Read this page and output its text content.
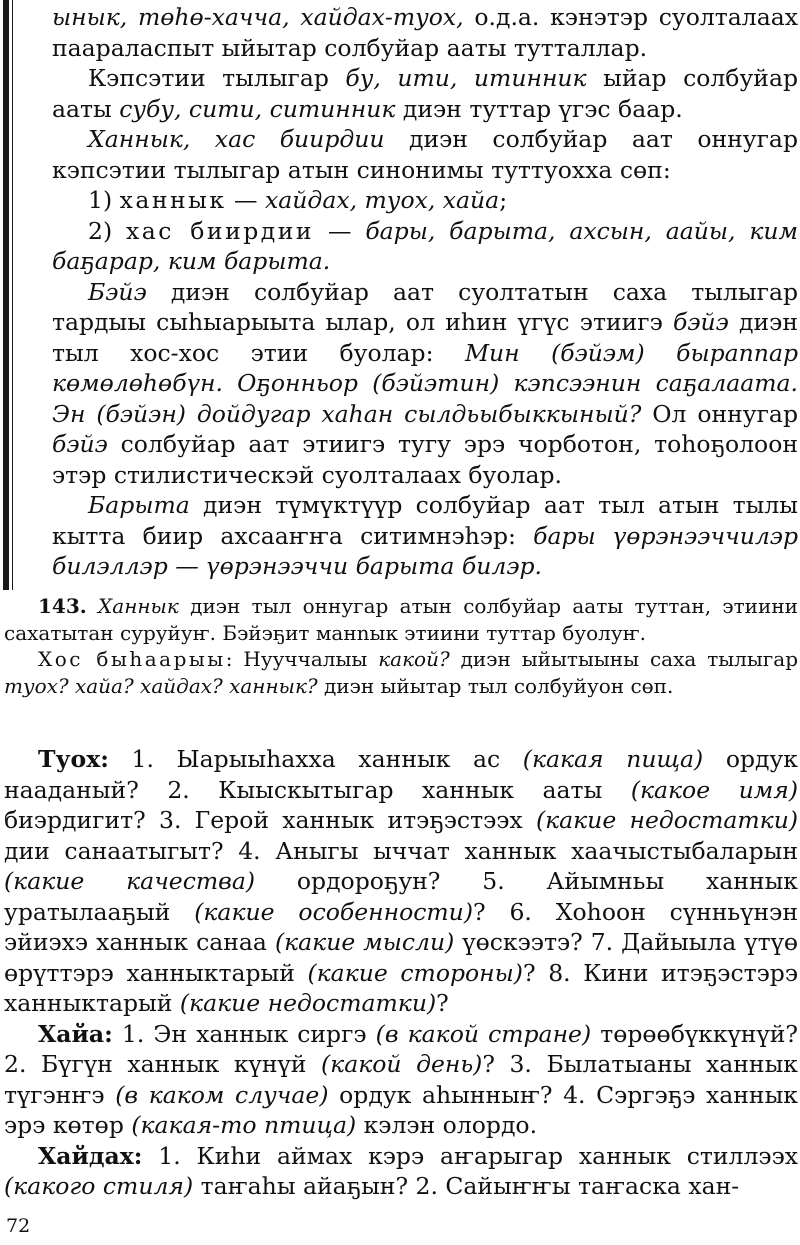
ынык, төһө-хачча, хайдах-туох, о.д.а. кэнэтэр суолталаах паараласпыт ыйытар солбуйар ааты тутталлар.

Кэпсэтии тылыгар бу, ити, итинник ыйар солбуйар ааты субу, сити, ситинник диэн туттар үгэс баар.

Ханнык, хас биирдии диэн солбуйар аат оннугар кэпсэтии тылыгар атын синонимы туттуохха сөп:

1) ханнык — хайдах, туох, хайа;

2) хас биирдии — бары, барыта, ахсын, аайы, ким баҕарар, ким барыта.

Бэйэ диэн солбуйар аат суолтатын саха тылыгар тардыы сыһыарыыта ылар, ол иһин үгүс этиигэ бэйэ диэн тыл хос-хос этии буолар: Мин (бэйэм) быраппар көмөлөһөбүн. Оҕонньор (бэйэтин) кэпсээнин саҕалаата. Эн (бэйэн) дойдугар хаһан сылдьыбыккыный? Ол оннугар бэйэ солбуйар аат этиигэ тугу эрэ чорботон, тоһоҕолоон этэр стилистическэй суолталаах буолар.

Барыта диэн түмүктүүр солбуйар аат тыл атын тылы кытта биир ахсааҥҥа ситимнэһэр: бары үөрэнээччилэр билэллэр — үөрэнээччи барыта билэр.

143. Ханнык диэн тыл оннугар атын солбуйар ааты туттан, этиини сахатытан суруйуҥ. Бэйэҕит манnык этиини туттар буолуҥ.

Хос быһаарыы: Нууччалыы какой? диэн ыйытыыны саха тылыгар туох? хайа? хайдах? ханнык? диэн ыйытар тыл солбуйуон сөп.

Туох: 1. Ыарыыһахха ханнык ас (какая пища) ордук нааданый? 2. Кыыскытыгар ханнык ааты (какое имя) биэрдигит? 3. Герой ханнык итэҕэстээх (какие недостатки) дии санаатыгыт? 4. Аныгы ыччат ханнык хаачыстыбаларын (какие качества) ордороҕун? 5. Айымньы ханнык уратылааҕый (какие особенности)? 6. Хоһоон сүнньүнэн эйиэхэ ханнык санаа (какие мысли) үөскээтэ? 7. Дайыыла үтүө өрүттэрэ ханныктарый (какие стороны)? 8. Кини итэҕэстэрэ ханныктарый (какие недостатки)?

Хайа: 1. Эн ханнык сиргэ (в какой стране) төрөөбүккүнүй? 2. Бүгүн ханнык күнүй (какой день)? 3. Былатыаны ханнык түгэнҥэ (в каком случае) ордук аһынныҥ? 4. Сэргэҕэ ханнык эрэ көтөр (какая-то птица) кэлэн олордо.

Хайдах: 1. Киһи аймах кэрэ аҥарыгар ханнык стиллээх (какого стиля) таҥаһы айаҕын? 2. Сайыҥҥы таҥаска хан-

72
